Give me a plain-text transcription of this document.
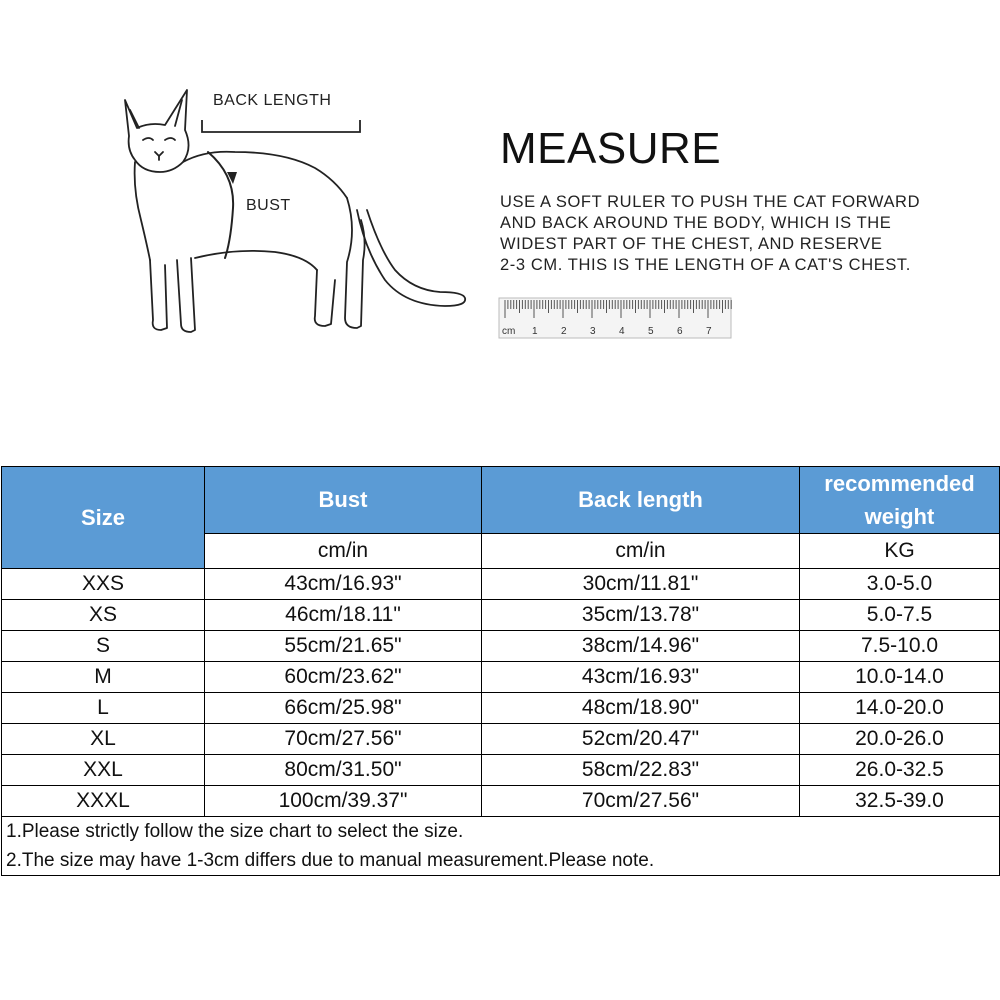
BACK LENGTH
BUST
MEASURE
USE A SOFT RULER TO PUSH THE CAT FORWARD
AND BACK AROUND THE BODY, WHICH IS THE
WIDEST PART OF THE CHEST, AND RESERVE
2-3 CM. THIS IS THE LENGTH OF A CAT'S CHEST.
cm 1 2 3 4 5 6 7
Size	Bust	Back length	recommended weight
	cm/in	cm/in	KG
XXS	43cm/16.93"	30cm/11.81"	3.0-5.0
XS	46cm/18.11"	35cm/13.78"	5.0-7.5
S	55cm/21.65"	38cm/14.96"	7.5-10.0
M	60cm/23.62"	43cm/16.93"	10.0-14.0
L	66cm/25.98"	48cm/18.90"	14.0-20.0
XL	70cm/27.56"	52cm/20.47"	20.0-26.0
XXL	80cm/31.50"	58cm/22.83"	26.0-32.5
XXXL	100cm/39.37"	70cm/27.56"	32.5-39.0
1.Please strictly follow the size chart to select the size.			
2.The size may have 1-3cm differs due to manual measurement.Please note.			
